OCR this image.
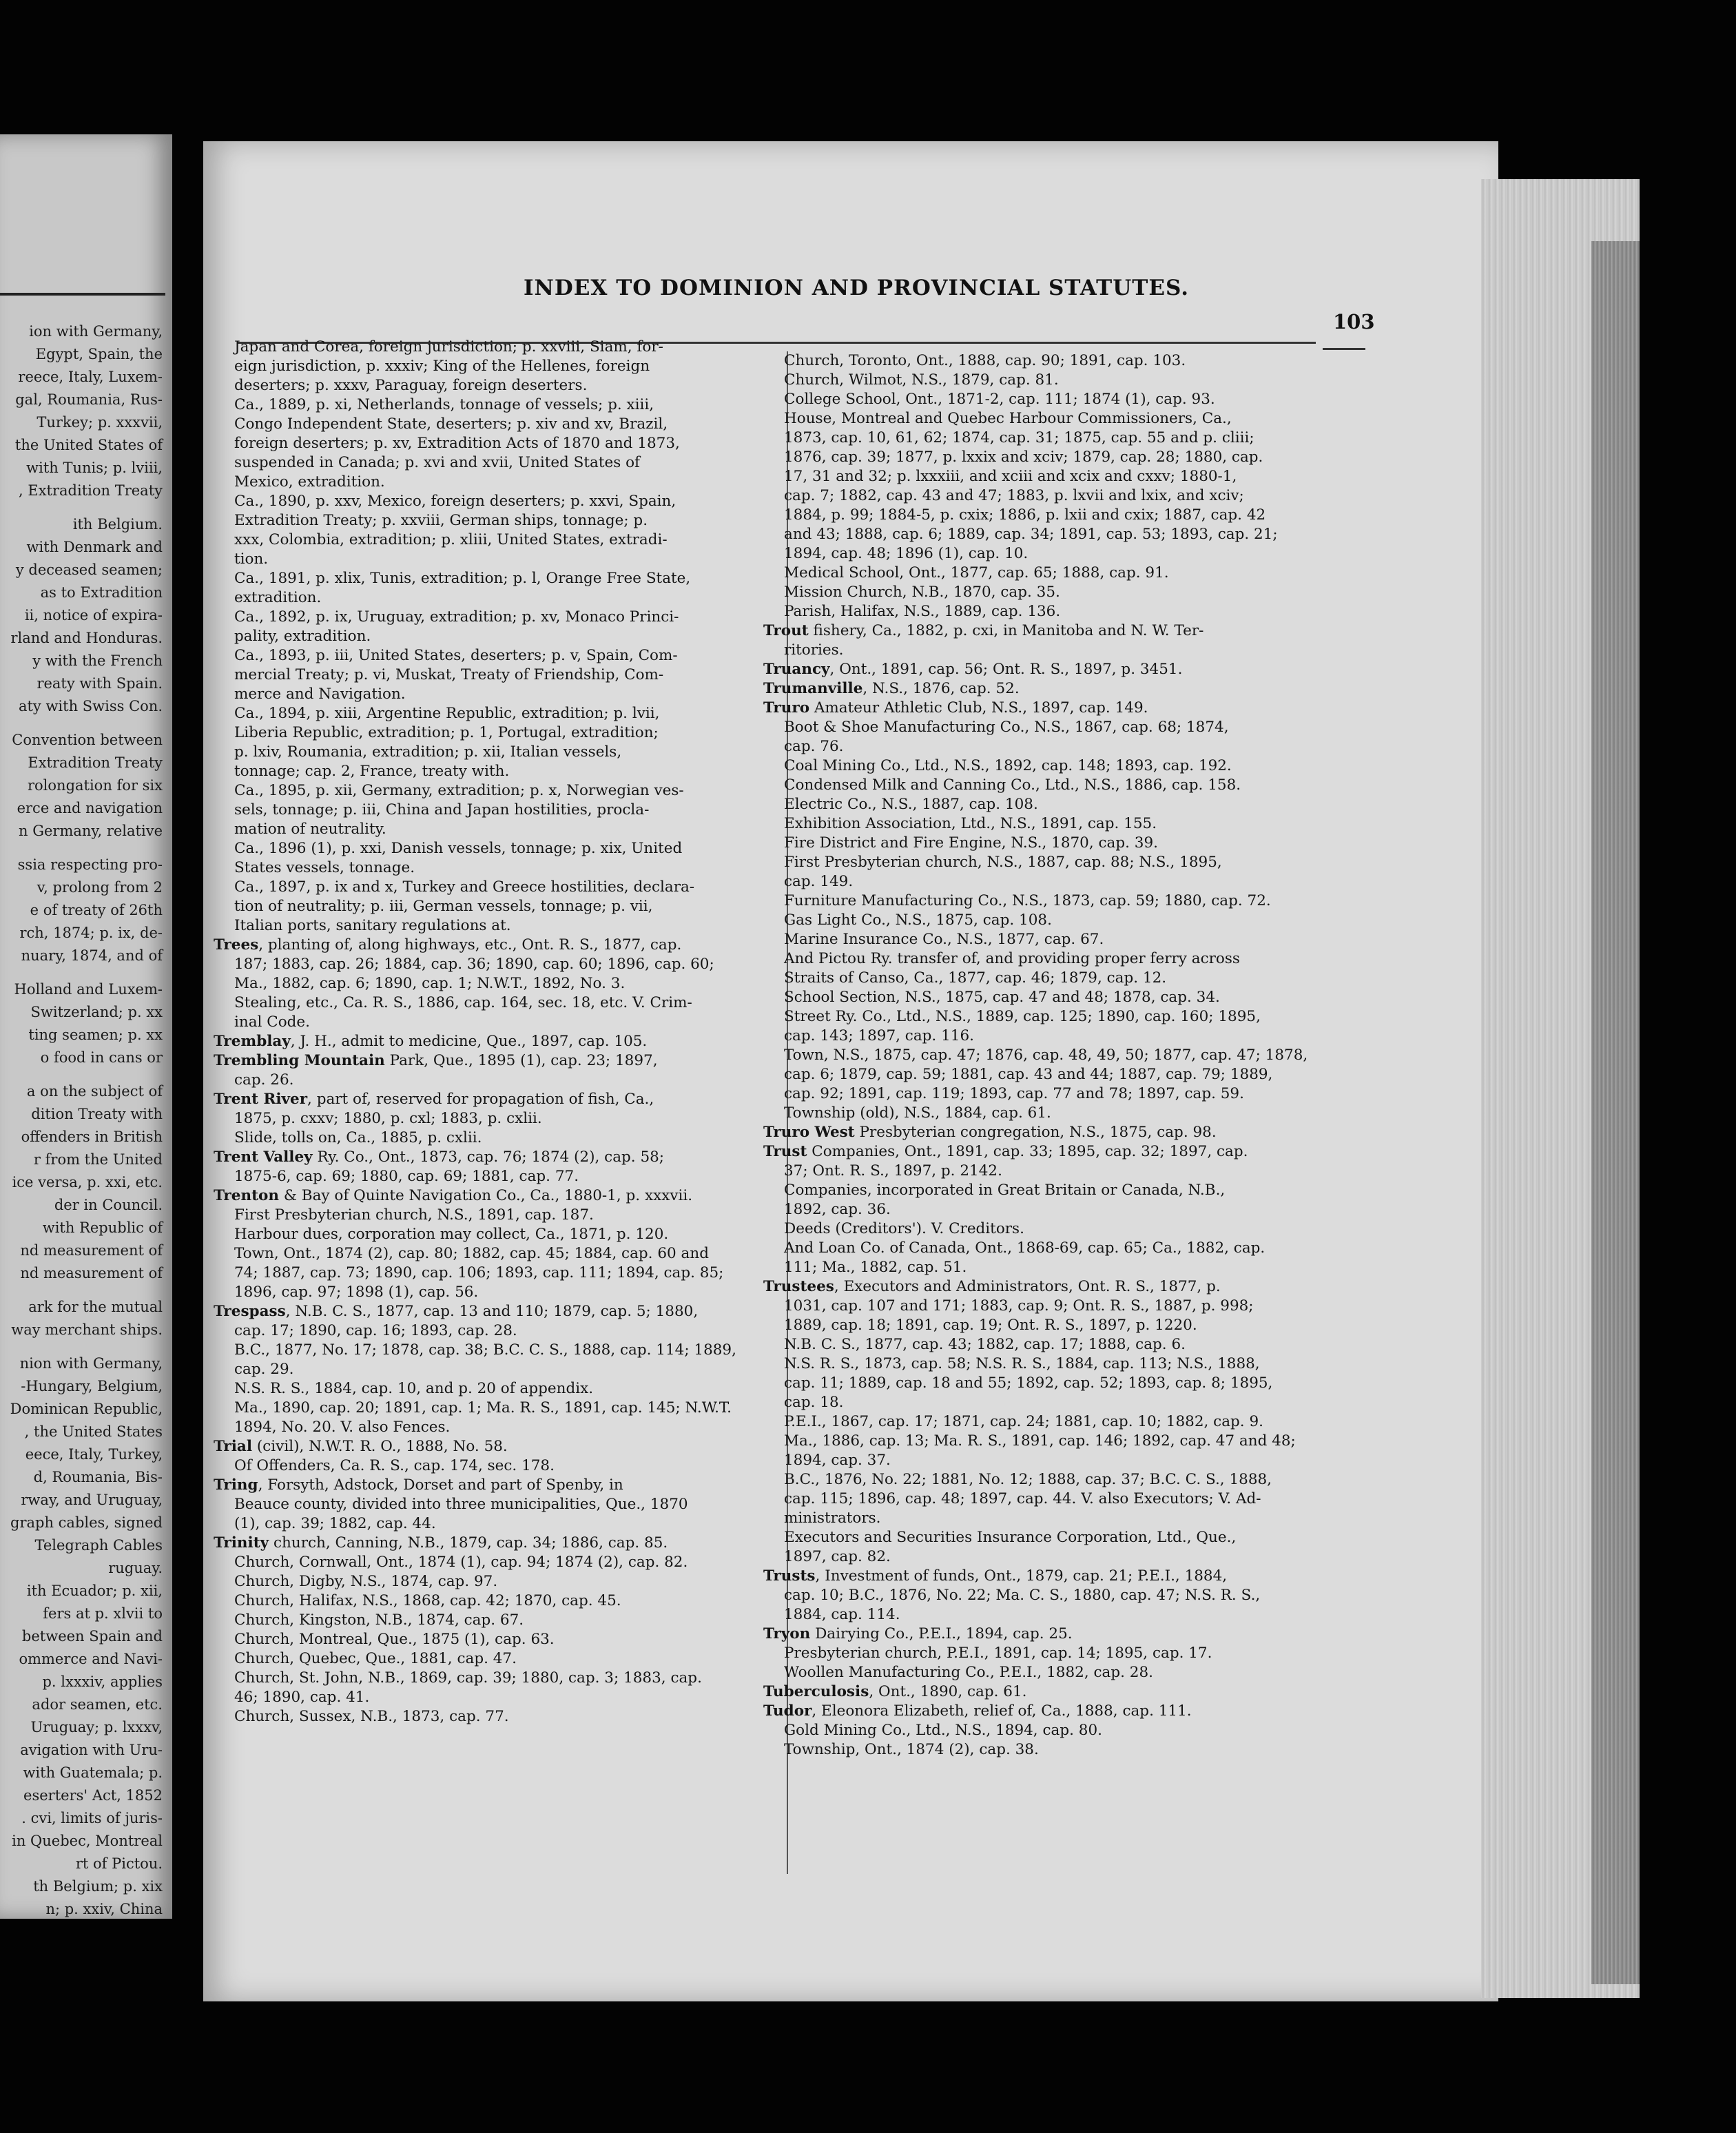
ion with Germany,
Egypt, Spain, the
reece, Italy, Luxem-
gal, Roumania, Rus-
Turkey; p. xxxvii,
the United States of
with Tunis; p. lviii,
, Extradition Treaty
ith Belgium.
with Denmark and
y deceased seamen;
as to Extradition
ii, notice of expira-
rland and Honduras.
y with the French
reaty with Spain.
aty with Swiss Con.
Convention between
Extradition Treaty
rolongation for six
erce and navigation
n Germany, relative
ssia respecting pro-
v, prolong from 2
e of treaty of 26th
rch, 1874; p. ix, de-
nuary, 1874, and of
Holland and Luxem-
Switzerland; p. xx
ting seamen; p. xx
o food in cans or
a on the subject of
dition Treaty with
offenders in British
r from the United
ice versa, p. xxi, etc.
der in Council.
with Republic of
nd measurement of
nd measurement of
ark for the mutual
way merchant ships.
nion with Germany,
-Hungary, Belgium,
Dominican Republic,
, the United States
eece, Italy, Turkey,
d, Roumania, Bis-
rway, and Uruguay,
graph cables, signed
Telegraph Cables
ruguay.
ith Ecuador; p. xii,
fers at p. xlvii to
between Spain and
ommerce and Navi-
p. lxxxiv, applies
ador seamen, etc.
Uruguay; p. lxxxv,
avigation with Uru-
with Guatemala; p.
eserters' Act, 1852
. cvi, limits of juris-
in Quebec, Montreal
rt of Pictou.
th Belgium; p. xix
n; p. xxiv, China
INDEX TO DOMINION AND PROVINCIAL STATUTES.
103
Japan and Corea, foreign jurisdiction; p. xxviii, Siam, for-
eign jurisdiction, p. xxxiv; King of the Hellenes, foreign
deserters; p. xxxv, Paraguay, foreign deserters.
Ca., 1889, p. xi, Netherlands, tonnage of vessels; p. xiii,
Congo Independent State, deserters; p. xiv and xv, Brazil,
foreign deserters; p. xv, Extradition Acts of 1870 and 1873,
suspended in Canada; p. xvi and xvii, United States of
Mexico, extradition.
Ca., 1890, p. xxv, Mexico, foreign deserters; p. xxvi, Spain,
Extradition Treaty; p. xxviii, German ships, tonnage; p.
xxx, Colombia, extradition; p. xliii, United States, extradi-
tion.
Ca., 1891, p. xlix, Tunis, extradition; p. l, Orange Free State,
extradition.
Ca., 1892, p. ix, Uruguay, extradition; p. xv, Monaco Princi-
pality, extradition.
Ca., 1893, p. iii, United States, deserters; p. v, Spain, Com-
mercial Treaty; p. vi, Muskat, Treaty of Friendship, Com-
merce and Navigation.
Ca., 1894, p. xiii, Argentine Republic, extradition; p. lvii,
Liberia Republic, extradition; p. 1, Portugal, extradition;
p. lxiv, Roumania, extradition; p. xii, Italian vessels,
tonnage; cap. 2, France, treaty with.
Ca., 1895, p. xii, Germany, extradition; p. x, Norwegian ves-
sels, tonnage; p. iii, China and Japan hostilities, procla-
mation of neutrality.
Ca., 1896 (1), p. xxi, Danish vessels, tonnage; p. xix, United
States vessels, tonnage.
Ca., 1897, p. ix and x, Turkey and Greece hostilities, declara-
tion of neutrality; p. iii, German vessels, tonnage; p. vii,
Italian ports, sanitary regulations at.
Trees, planting of, along highways, etc., Ont. R. S., 1877, cap.
187; 1883, cap. 26; 1884, cap. 36; 1890, cap. 60; 1896, cap. 60;
Ma., 1882, cap. 6; 1890, cap. 1; N.W.T., 1892, No. 3.
Stealing, etc., Ca. R. S., 1886, cap. 164, sec. 18, etc. V. Crim-
inal Code.
Tremblay, J. H., admit to medicine, Que., 1897, cap. 105.
Trembling Mountain Park, Que., 1895 (1), cap. 23; 1897,
cap. 26.
Trent River, part of, reserved for propagation of fish, Ca.,
1875, p. cxxv; 1880, p. cxl; 1883, p. cxlii.
Slide, tolls on, Ca., 1885, p. cxlii.
Trent Valley Ry. Co., Ont., 1873, cap. 76; 1874 (2), cap. 58;
1875-6, cap. 69; 1880, cap. 69; 1881, cap. 77.
Trenton & Bay of Quinte Navigation Co., Ca., 1880-1, p. xxxvii.
First Presbyterian church, N.S., 1891, cap. 187.
Harbour dues, corporation may collect, Ca., 1871, p. 120.
Town, Ont., 1874 (2), cap. 80; 1882, cap. 45; 1884, cap. 60 and
74; 1887, cap. 73; 1890, cap. 106; 1893, cap. 111; 1894, cap. 85;
1896, cap. 97; 1898 (1), cap. 56.
Trespass, N.B. C. S., 1877, cap. 13 and 110; 1879, cap. 5; 1880,
cap. 17; 1890, cap. 16; 1893, cap. 28.
B.C., 1877, No. 17; 1878, cap. 38; B.C. C. S., 1888, cap. 114; 1889,
cap. 29.
N.S. R. S., 1884, cap. 10, and p. 20 of appendix.
Ma., 1890, cap. 20; 1891, cap. 1; Ma. R. S., 1891, cap. 145; N.W.T.
1894, No. 20. V. also Fences.
Trial (civil), N.W.T. R. O., 1888, No. 58.
Of Offenders, Ca. R. S., cap. 174, sec. 178.
Tring, Forsyth, Adstock, Dorset and part of Spenby, in
Beauce county, divided into three municipalities, Que., 1870
(1), cap. 39; 1882, cap. 44.
Trinity church, Canning, N.B., 1879, cap. 34; 1886, cap. 85.
Church, Cornwall, Ont., 1874 (1), cap. 94; 1874 (2), cap. 82.
Church, Digby, N.S., 1874, cap. 97.
Church, Halifax, N.S., 1868, cap. 42; 1870, cap. 45.
Church, Kingston, N.B., 1874, cap. 67.
Church, Montreal, Que., 1875 (1), cap. 63.
Church, Quebec, Que., 1881, cap. 47.
Church, St. John, N.B., 1869, cap. 39; 1880, cap. 3; 1883, cap.
46; 1890, cap. 41.
Church, Sussex, N.B., 1873, cap. 77.
Church, Toronto, Ont., 1888, cap. 90; 1891, cap. 103.
Church, Wilmot, N.S., 1879, cap. 81.
College School, Ont., 1871-2, cap. 111; 1874 (1), cap. 93.
House, Montreal and Quebec Harbour Commissioners, Ca.,
1873, cap. 10, 61, 62; 1874, cap. 31; 1875, cap. 55 and p. cliii;
1876, cap. 39; 1877, p. lxxix and xciv; 1879, cap. 28; 1880, cap.
17, 31 and 32; p. lxxxiii, and xciii and xcix and cxxv; 1880-1,
cap. 7; 1882, cap. 43 and 47; 1883, p. lxvii and lxix, and xciv;
1884, p. 99; 1884-5, p. cxix; 1886, p. lxii and cxix; 1887, cap. 42
and 43; 1888, cap. 6; 1889, cap. 34; 1891, cap. 53; 1893, cap. 21;
1894, cap. 48; 1896 (1), cap. 10.
Medical School, Ont., 1877, cap. 65; 1888, cap. 91.
Mission Church, N.B., 1870, cap. 35.
Parish, Halifax, N.S., 1889, cap. 136.
Trout fishery, Ca., 1882, p. cxi, in Manitoba and N. W. Ter-
ritories.
Truancy, Ont., 1891, cap. 56; Ont. R. S., 1897, p. 3451.
Trumanville, N.S., 1876, cap. 52.
Truro Amateur Athletic Club, N.S., 1897, cap. 149.
Boot & Shoe Manufacturing Co., N.S., 1867, cap. 68; 1874,
cap. 76.
Coal Mining Co., Ltd., N.S., 1892, cap. 148; 1893, cap. 192.
Condensed Milk and Canning Co., Ltd., N.S., 1886, cap. 158.
Electric Co., N.S., 1887, cap. 108.
Exhibition Association, Ltd., N.S., 1891, cap. 155.
Fire District and Fire Engine, N.S., 1870, cap. 39.
First Presbyterian church, N.S., 1887, cap. 88; N.S., 1895,
cap. 149.
Furniture Manufacturing Co., N.S., 1873, cap. 59; 1880, cap. 72.
Gas Light Co., N.S., 1875, cap. 108.
Marine Insurance Co., N.S., 1877, cap. 67.
And Pictou Ry. transfer of, and providing proper ferry across
Straits of Canso, Ca., 1877, cap. 46; 1879, cap. 12.
School Section, N.S., 1875, cap. 47 and 48; 1878, cap. 34.
Street Ry. Co., Ltd., N.S., 1889, cap. 125; 1890, cap. 160; 1895,
cap. 143; 1897, cap. 116.
Town, N.S., 1875, cap. 47; 1876, cap. 48, 49, 50; 1877, cap. 47; 1878,
cap. 6; 1879, cap. 59; 1881, cap. 43 and 44; 1887, cap. 79; 1889,
cap. 92; 1891, cap. 119; 1893, cap. 77 and 78; 1897, cap. 59.
Township (old), N.S., 1884, cap. 61.
Truro West Presbyterian congregation, N.S., 1875, cap. 98.
Trust Companies, Ont., 1891, cap. 33; 1895, cap. 32; 1897, cap.
37; Ont. R. S., 1897, p. 2142.
Companies, incorporated in Great Britain or Canada, N.B.,
1892, cap. 36.
Deeds (Creditors'). V. Creditors.
And Loan Co. of Canada, Ont., 1868-69, cap. 65; Ca., 1882, cap.
111; Ma., 1882, cap. 51.
Trustees, Executors and Administrators, Ont. R. S., 1877, p.
1031, cap. 107 and 171; 1883, cap. 9; Ont. R. S., 1887, p. 998;
1889, cap. 18; 1891, cap. 19; Ont. R. S., 1897, p. 1220.
N.B. C. S., 1877, cap. 43; 1882, cap. 17; 1888, cap. 6.
N.S. R. S., 1873, cap. 58; N.S. R. S., 1884, cap. 113; N.S., 1888,
cap. 11; 1889, cap. 18 and 55; 1892, cap. 52; 1893, cap. 8; 1895,
cap. 18.
P.E.I., 1867, cap. 17; 1871, cap. 24; 1881, cap. 10; 1882, cap. 9.
Ma., 1886, cap. 13; Ma. R. S., 1891, cap. 146; 1892, cap. 47 and 48;
1894, cap. 37.
B.C., 1876, No. 22; 1881, No. 12; 1888, cap. 37; B.C. C. S., 1888,
cap. 115; 1896, cap. 48; 1897, cap. 44. V. also Executors; V. Ad-
ministrators.
Executors and Securities Insurance Corporation, Ltd., Que.,
1897, cap. 82.
Trusts, Investment of funds, Ont., 1879, cap. 21; P.E.I., 1884,
cap. 10; B.C., 1876, No. 22; Ma. C. S., 1880, cap. 47; N.S. R. S.,
1884, cap. 114.
Tryon Dairying Co., P.E.I., 1894, cap. 25.
Presbyterian church, P.E.I., 1891, cap. 14; 1895, cap. 17.
Woollen Manufacturing Co., P.E.I., 1882, cap. 28.
Tuberculosis, Ont., 1890, cap. 61.
Tudor, Eleonora Elizabeth, relief of, Ca., 1888, cap. 111.
Gold Mining Co., Ltd., N.S., 1894, cap. 80.
Township, Ont., 1874 (2), cap. 38.
